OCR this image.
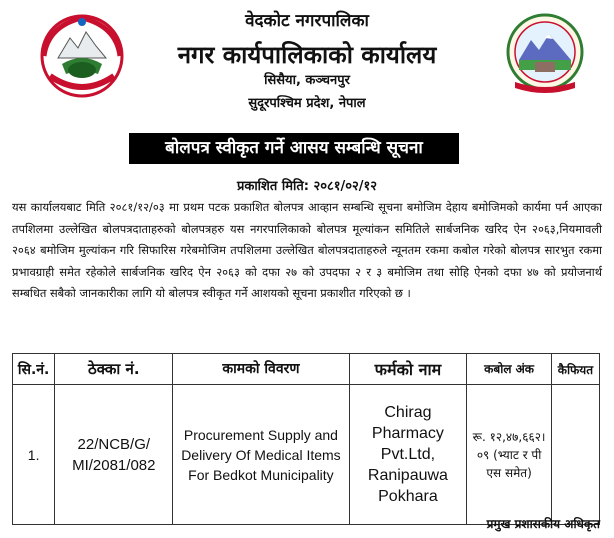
वेदकोट नगरपालिका
नगर कार्यपालिकाको कार्यालय
सिसैया, कञ्चनपुर
सुदूरपश्चिम प्रदेश, नेपाल
बोलपत्र स्वीकृत गर्ने आसय सम्बन्धि सूचना
प्रकाशित मिति: २०८१/०२/१२
यस कार्यालयबाट मिति २०८१/१२/०३ मा प्रथम पटक प्रकाशित बोलपत्र आव्हान सम्बन्धि सूचना बमोजिम देहाय बमोजिमको कार्यमा पर्न आएका तपशिलमा उल्लेखित बोलपत्रदाताहरुको बोलपत्रहरु यस नगरपालिकाको बोलपत्र मूल्यांकन समितिले सार्बजनिक खरिद ऐन २०६३,नियमावली २०६४ बमोजिम मुल्यांकन गरि सिफारिस गरेबमोजिम तपशिलमा उल्लेखित बोलपत्रदाताहरुले न्यूनतम रकमा कबोल गरेको बोलपत्र सारभुत रकमा प्रभावग्राही समेत रहेकोले सार्बजनिक खरिद ऐन २०६३ को दफा २७ को उपदफा २ र ३ बमोजिम तथा सोहि ऐनको दफा ४७ को प्रयोजनार्थ सम्बधित सबैको जानकारीका लागि यो बोलपत्र स्वीकृत गर्ने आशयको सूचना प्रकाशीत गरिएको छ ।
सि.नं.	ठेक्का नं.	कामको विवरण	फर्मको नाम	कबोल अंक	कैफियत
1.	22/NCB/G/ MI/2081/082	Procurement Supply and Delivery Of Medical Items For Bedkot Municipality	Chirag Pharmacy Pvt.Ltd, Ranipauwa Pokhara	रू. १२,४७,६६२।०९ (भ्याट र पी एस समेत)	
प्रमुख प्रशासकीय अधिकृत
